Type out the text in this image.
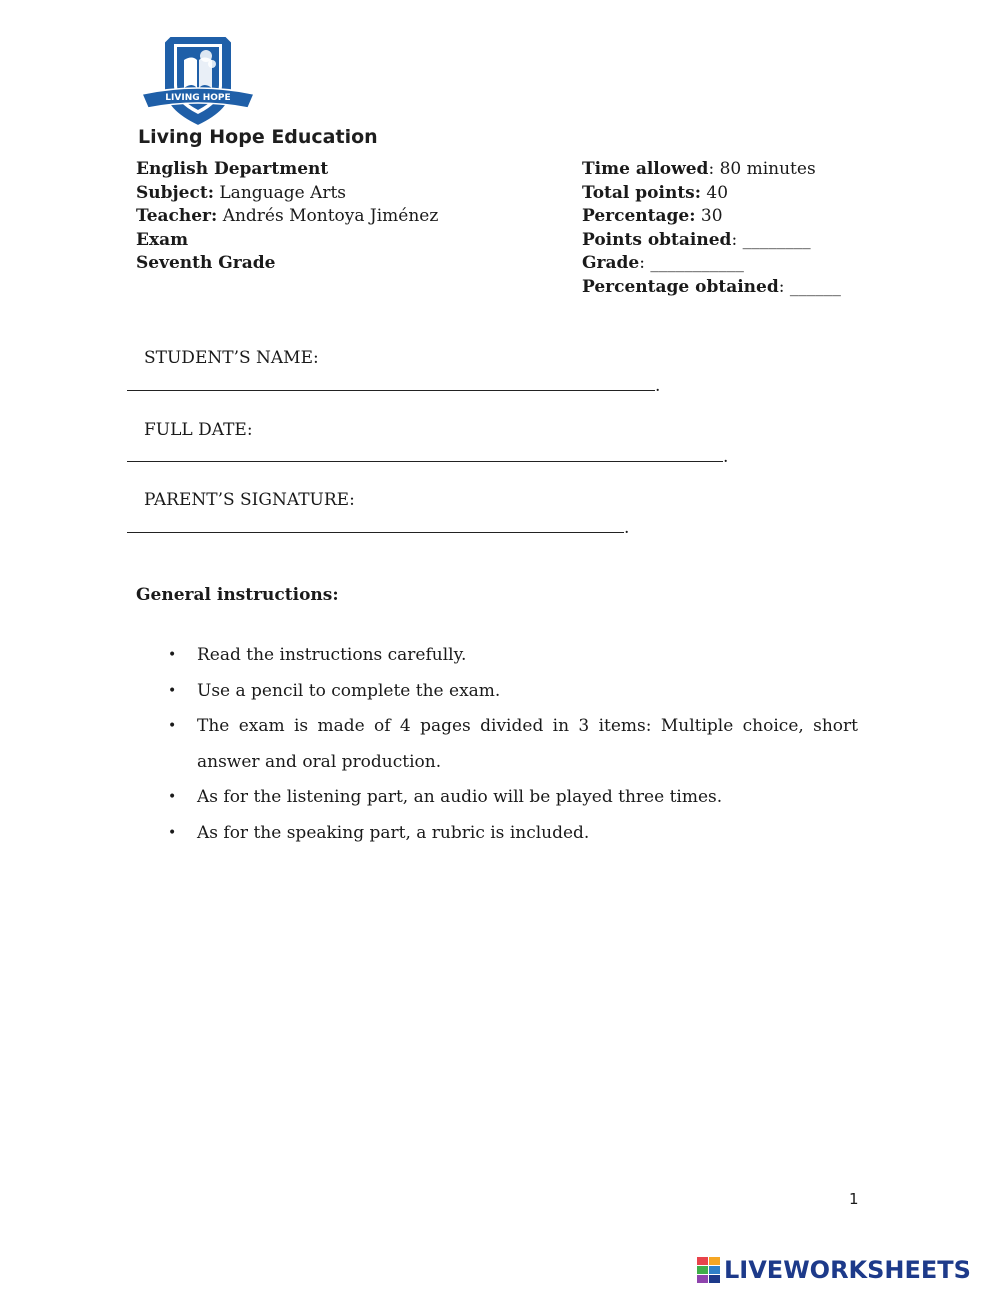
LIVING HOPE
Living Hope Education
English Department
Subject: Language Arts
Teacher: Andrés Montoya Jiménez
Exam
Seventh Grade
Time allowed: 80 minutes
Total points: 40
Percentage: 30
Points obtained: ________
Grade: ___________
Percentage obtained: ______
STUDENT’S NAME:
.
FULL DATE:
.
PARENT’S SIGNATURE:
.
General instructions:
• Read the instructions carefully.
• Use a pencil to complete the exam.
• The exam is made of 4 pages divided in 3 items: Multiple choice, short answer and oral production.
• As for the listening part, an audio will be played three times.
• As for the speaking part, a rubric is included.
1
LIVEWORKSHEETS
